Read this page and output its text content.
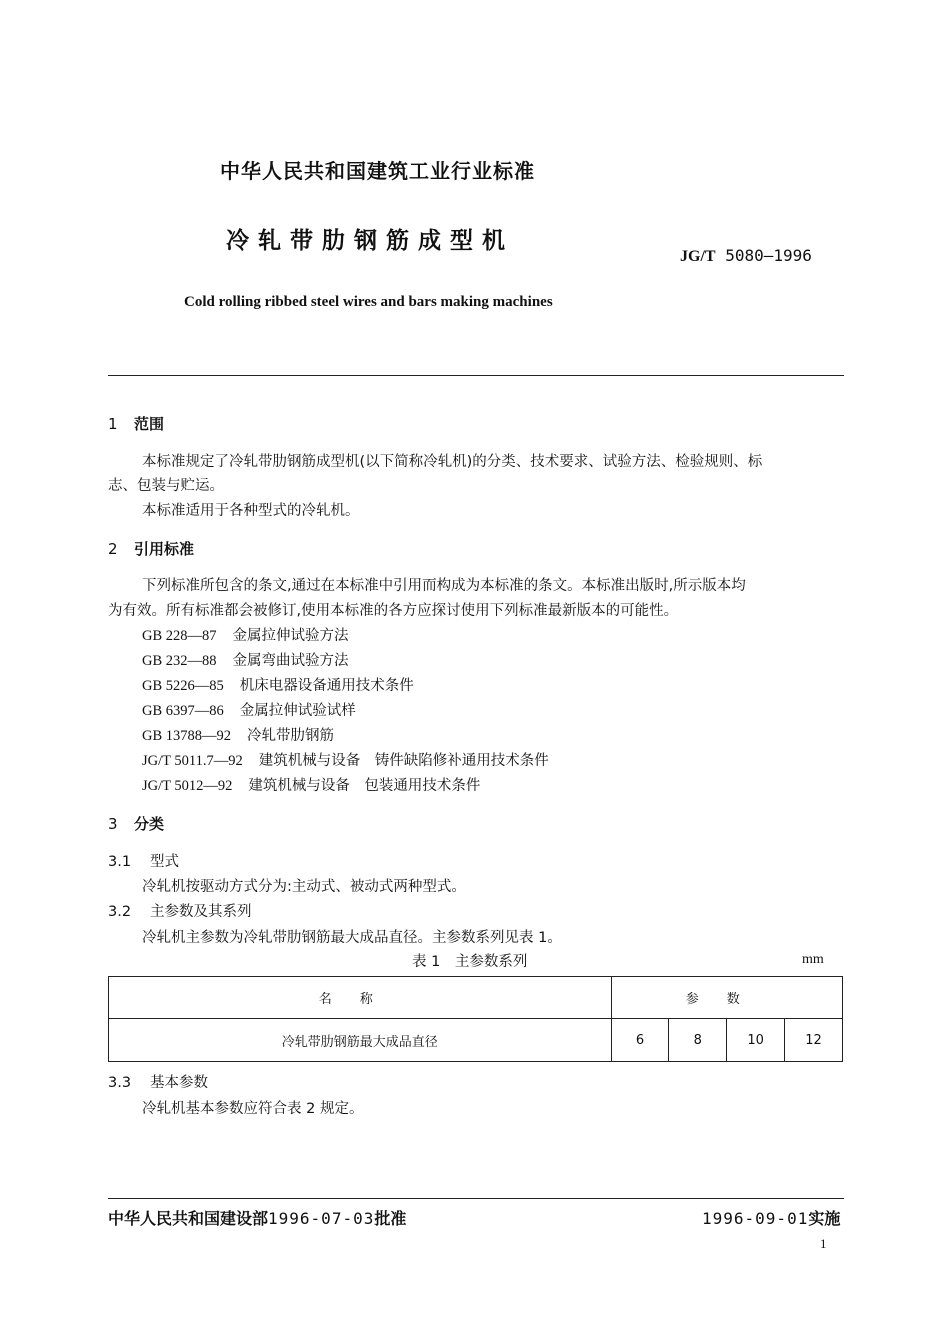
中华人民共和国建筑工业行业标准
冷轧带肋钢筋成型机
JG/T 5080—1996
Cold rolling ribbed steel wires and bars making machines
1 范围
本标准规定了冷轧带肋钢筋成型机(以下简称冷轧机)的分类、技术要求、试验方法、检验规则、标
志、包装与贮运。
本标准适用于各种型式的冷轧机。
2 引用标准
下列标准所包含的条文,通过在本标准中引用而构成为本标准的条文。本标准出版时,所示版本均
为有效。所有标准都会被修订,使用本标准的各方应探讨使用下列标准最新版本的可能性。
GB 228—87 金属拉伸试验方法
GB 232—88 金属弯曲试验方法
GB 5226—85 机床电器设备通用技术条件
GB 6397—86 金属拉伸试验试样
GB 13788—92 冷轧带肋钢筋
JG/T 5011.7—92 建筑机械与设备　铸件缺陷修补通用技术条件
JG/T 5012—92 建筑机械与设备　包装通用技术条件
3 分类
3.1 型式
冷轧机按驱动方式分为:主动式、被动式两种型式。
3.2 主参数及其系列
冷轧机主参数为冷轧带肋钢筋最大成品直径。主参数系列见表 1。
表 1　主参数系列	mm
名称	参数			
冷轧带肋钢筋最大成品直径	6	8	10	12
3.3 基本参数
冷轧机基本参数应符合表 2 规定。
中华人民共和国建设部1996-07-03批准	1996-09-01实施
1
